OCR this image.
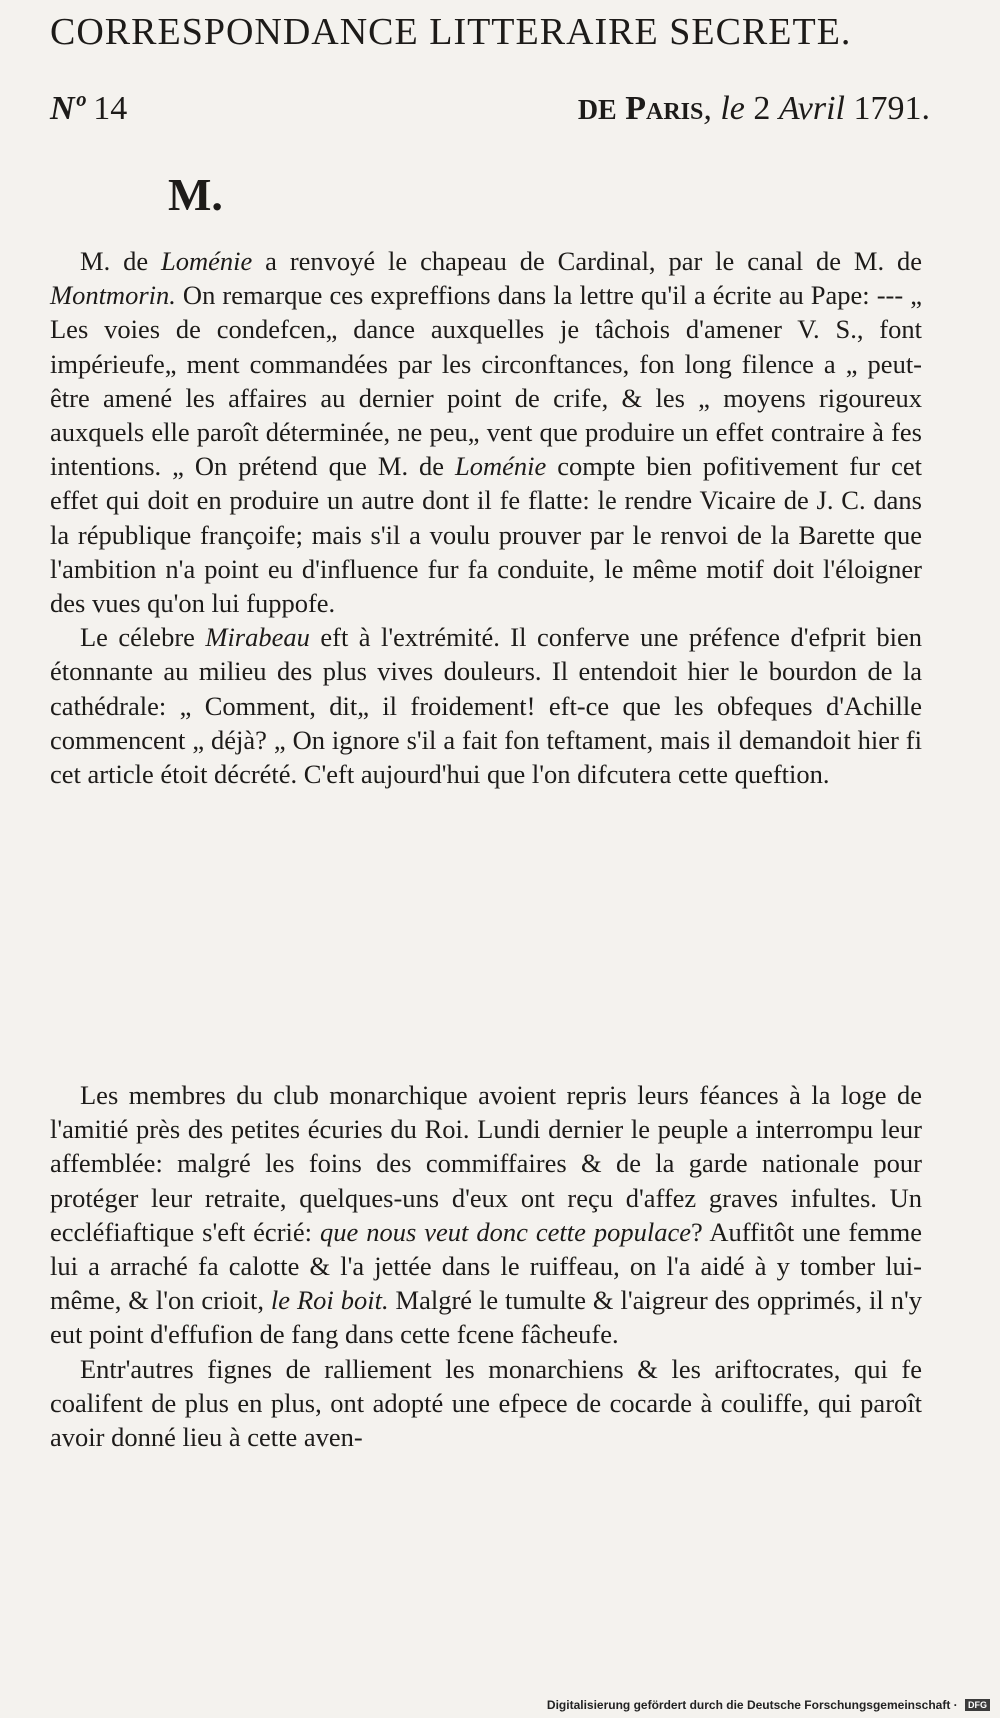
CORRESPONDANCE LITTERAIRE SECRETE.
Nº 14	DE Paris, le 2 Avril 1791.
M.

M. de Loménie a renvoyé le chapeau de Cardinal, par le canal de M. de Montmorin. On remarque ces expreffions dans la lettre qu'il a écrite au Pape: --- „ Les voies de condefcen„ dance auxquelles je tâchois d'amener V. S., font impérieufe„ ment commandées par les circonftances, fon long filence a „ peut-être amené les affaires au dernier point de crife, & les „ moyens rigoureux auxquels elle paroît déterminée, ne peu„ vent que produire un effet contraire à fes intentions. „ On prétend que M. de Loménie compte bien pofitivement fur cet effet qui doit en produire un autre dont il fe flatte: le rendre Vicaire de J. C. dans la république françoife; mais s'il a voulu prouver par le renvoi de la Barette que l'ambition n'a point eu d'influence fur fa conduite, le même motif doit l'éloigner des vues qu'on lui fuppofe.

Le célebre Mirabeau eft à l'extrémité. Il conferve une préfence d'efprit bien étonnante au milieu des plus vives douleurs. Il entendoit hier le bourdon de la cathédrale: „ Comment, dit„ il froidement! eft-ce que les obfeques d'Achille commencent „ déjà? „ On ignore s'il a fait fon teftament, mais il demandoit hier fi cet article étoit décrété. C'eft aujourd'hui que l'on difcutera cette queftion.

Les membres du club monarchique avoient repris leurs féances à la loge de l'amitié près des petites écuries du Roi. Lundi dernier le peuple a interrompu leur affemblée: malgré les foins des commiffaires & de la garde nationale pour protéger leur retraite, quelques-uns d'eux ont reçu d'affez graves infultes. Un eccléfiaftique s'eft écrié: que nous veut donc cette populace? Auffitôt une femme lui a arraché fa calotte & l'a jettée dans le ruiffeau, on l'a aidé à y tomber lui-même, & l'on crioit, le Roi boit. Malgré le tumulte & l'aigreur des opprimés, il n'y eut point d'effufion de fang dans cette fcene fâcheufe.

Entr'autres fignes de ralliement les monarchiens & les ariftocrates, qui fe coalifent de plus en plus, ont adopté une efpece de cocarde à couliffe, qui paroît avoir donné lieu à cette aven-

Digitalisierung gefördert durch die Deutsche Forschungsgemeinschaft · DFG
